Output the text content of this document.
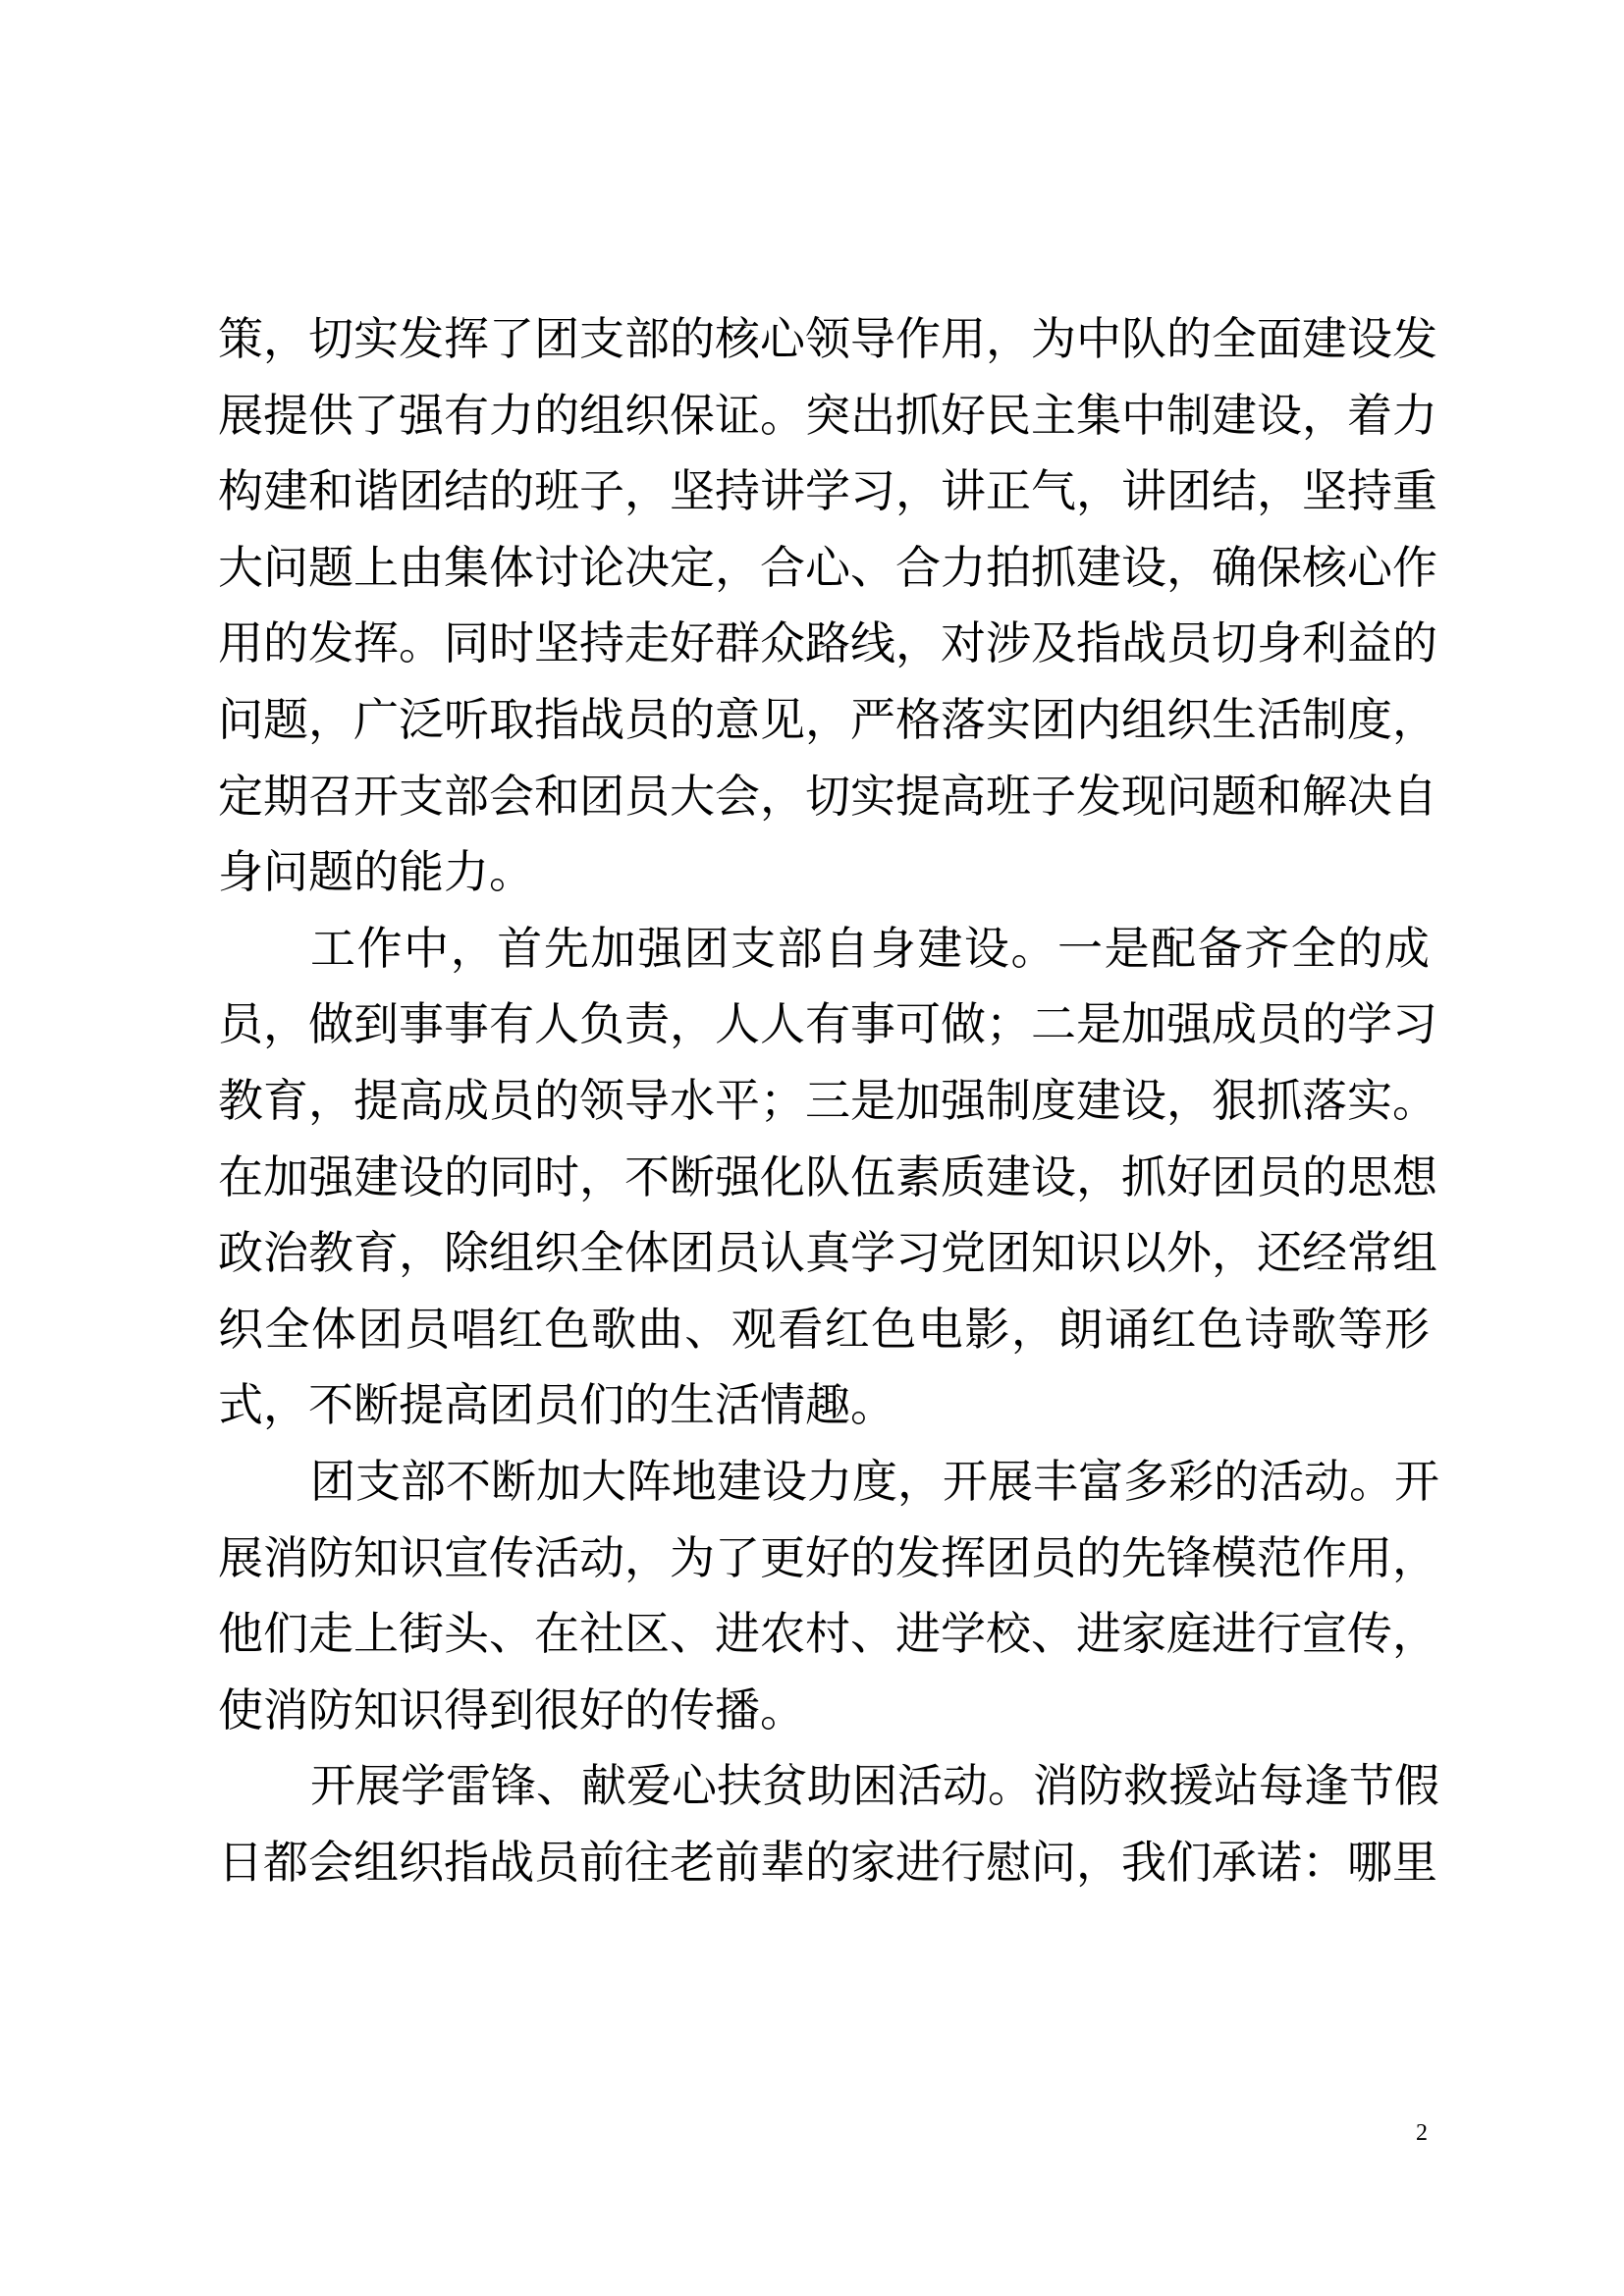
策，切实发挥了团支部的核心领导作用，为中队的全面建设发
展提供了强有力的组织保证。突出抓好民主集中制建设，着力
构建和谐团结的班子，坚持讲学习，讲正气，讲团结，坚持重
大问题上由集体讨论决定，合心、合力拍抓建设，确保核心作
用的发挥。同时坚持走好群众路线，对涉及指战员切身利益的
问题，广泛听取指战员的意见，严格落实团内组织生活制度，
定期召开支部会和团员大会，切实提高班子发现问题和解决自
身问题的能力。
工作中，首先加强团支部自身建设。一是配备齐全的成
员，做到事事有人负责，人人有事可做；二是加强成员的学习
教育，提高成员的领导水平；三是加强制度建设，狠抓落实。
在加强建设的同时，不断强化队伍素质建设，抓好团员的思想
政治教育，除组织全体团员认真学习党团知识以外，还经常组
织全体团员唱红色歌曲、观看红色电影，朗诵红色诗歌等形
式，不断提高团员们的生活情趣。
团支部不断加大阵地建设力度，开展丰富多彩的活动。开
展消防知识宣传活动，为了更好的发挥团员的先锋模范作用，
他们走上街头、在社区、进农村、进学校、进家庭进行宣传，
使消防知识得到很好的传播。
开展学雷锋、献爱心扶贫助困活动。消防救援站每逢节假
日都会组织指战员前往老前辈的家进行慰问，我们承诺：哪里
2
